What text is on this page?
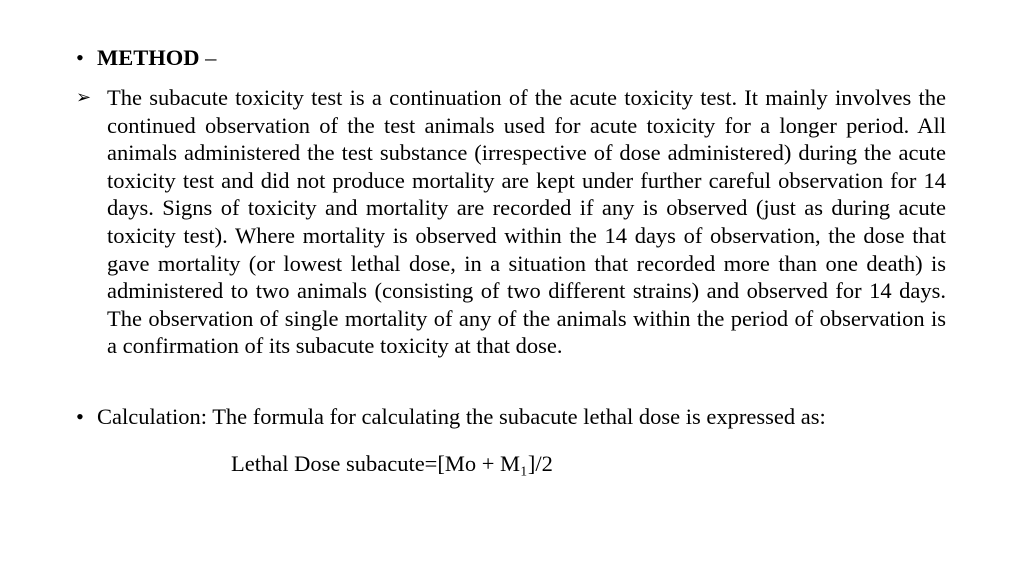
• METHOD –
➢ The subacute toxicity test is a continuation of the acute toxicity test. It mainly involves the continued observation of the test animals used for acute toxicity for a longer period. All animals administered the test substance (irrespective of dose administered) during the acute toxicity test and did not produce mortality are kept under further careful observation for 14 days. Signs of toxicity and mortality are recorded if any is observed (just as during acute toxicity test). Where mortality is observed within the 14 days of observation, the dose that gave mortality (or lowest lethal dose, in a situation that recorded more than one death) is administered to two animals (consisting of two different strains) and observed for 14 days. The observation of single mortality of any of the animals within the period of observation is a confirmation of its subacute toxicity at that dose.
• Calculation: The formula for calculating the subacute lethal dose is expressed as:
Lethal Dose subacute=[Mo + M₁]/2
